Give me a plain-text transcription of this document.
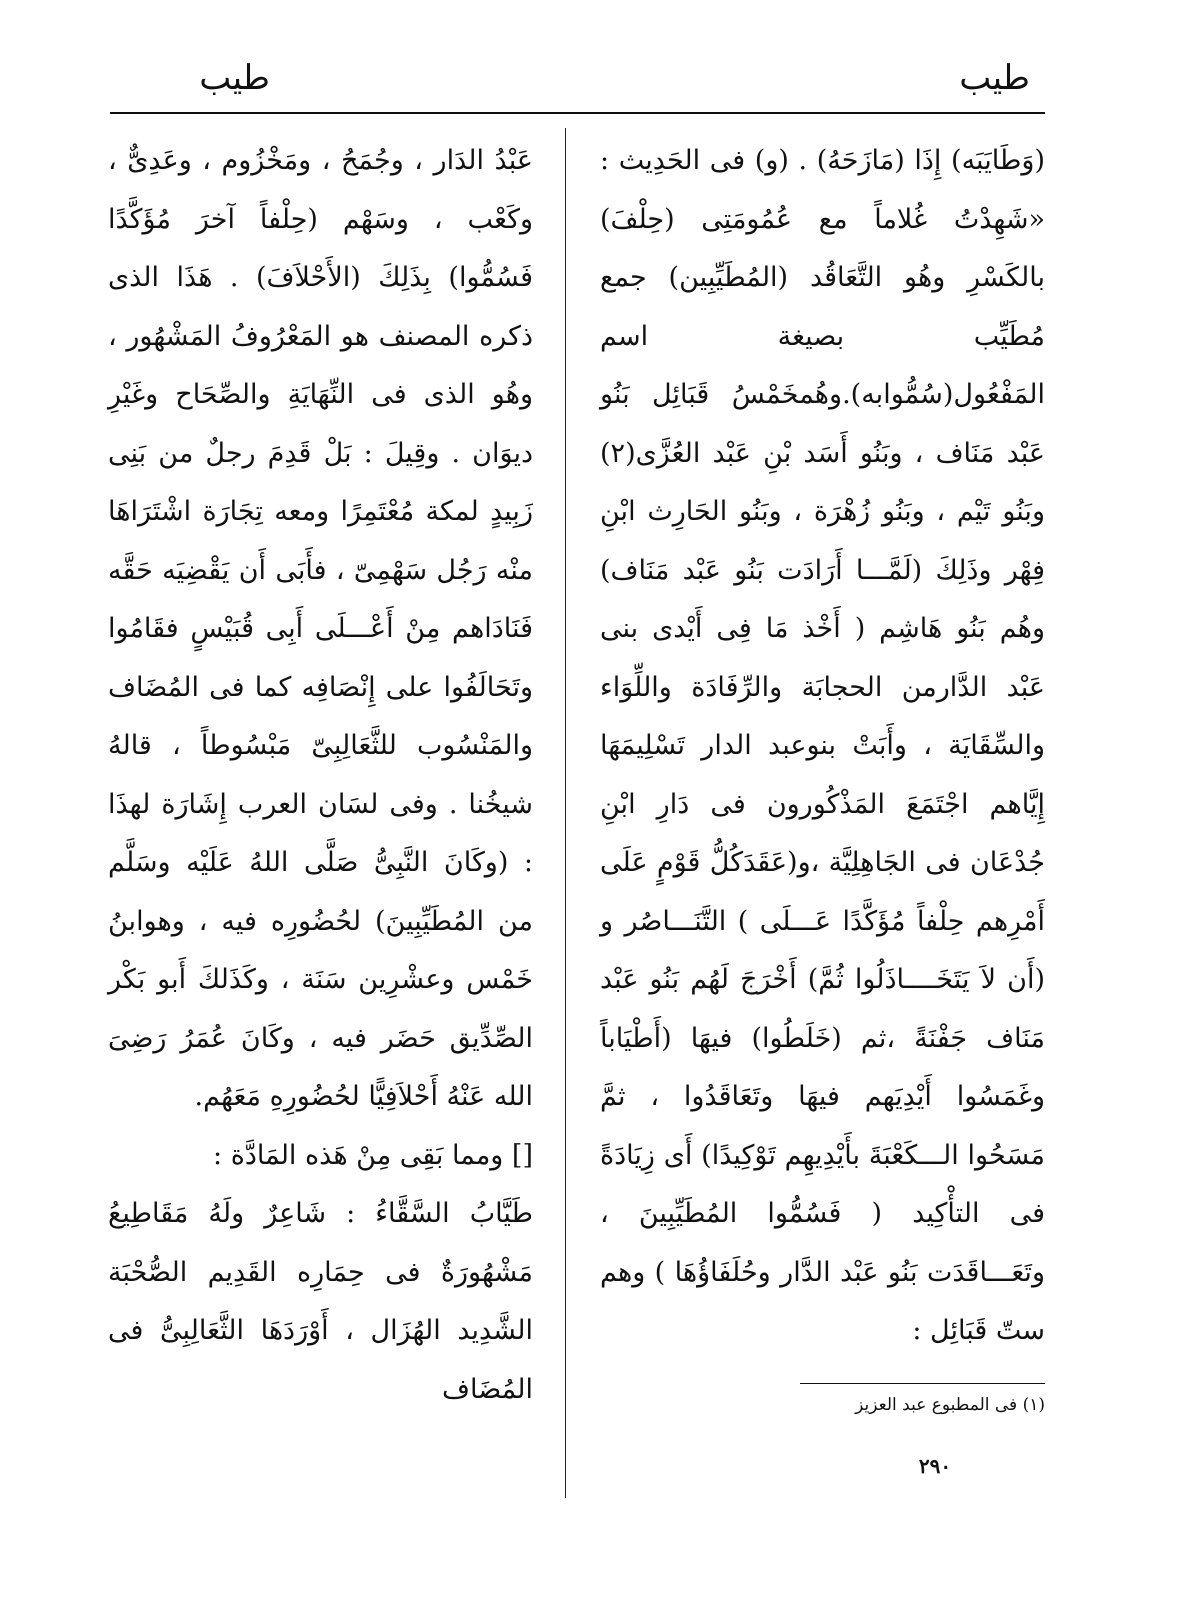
طيب
طيب

(وَطَايَبَه) إِذَا (مَازَحَهُ) . (و) فى الحَدِيث : «شَهِدْتُ غُلاماً مع عُمُومَتِى (حِلْفَ) بالكَسْرِ وهُو التَّعَاقُد (المُطَيِّبِين) جمع مُطَيِّب بصيغة اسم المَفْعُول(سُمُّوابه).وهُمخَمْسُ قَبَائِل بَنُو عَبْد مَنَاف ، وبَنُو أَسَد بْنِ عَبْد العُزَّى(٢) وبَنُو تَيْم ، وبَنُو زُهْرَة ، وبَنُو الحَارِث ابْنِ فِهْر وذَلِكَ (لَمَّـــا أَرَادَت بَنُو عَبْد مَنَاف) وهُم بَنُو هَاشِم ( أَخْذ مَا فِى أَيْدى بنى عَبْد الدَّارمن الحجابَة والرِّفَادَة واللِّوَاء والسِّقَايَة ، وأَبَتْ بنوعبد الدار تَسْلِيمَهَا إِيَّاهم اجْتَمَعَ المَذْكُورون فى دَارِ ابْنِ جُدْعَان فى الجَاهِلِيَّة ،و(عَقَدَكُلُّ قَوْمٍ عَلَى أَمْرِهم حِلْفاً مُؤَكَّدًا عَـــلَى ) التَّنَـــاصُر و (أَن لاَ يَتَخَــــاذَلُوا ثُمَّ) أَخْرَجَ لَهُم بَنُو عَبْد مَنَاف جَفْنَةً ،ثم (خَلَطُوا) فيهَا (أَطْيَاباً وغَمَسُوا أَيْدِيَهم فيهَا وتَعَاقَدُوا ، ثمَّ مَسَحُوا الـــكَعْبَةَ بأَيْدِيهِم تَوْكِيدًا) أَى زِيَادَةً فى التأْكِيد ( فَسُمُّوا المُطَيِّبِينَ ، وتَعَـــاقَدَت بَنُو عَبْد الدَّار وحُلَفَاؤُهَا ) وهم ستّ قَبَائِل :

عَبْدُ الدَار ، وجُمَحُ ، ومَخْزُوم ، وعَدِىٌّ ، وكَعْب ، وسَهْم (حِلْفاً آخرَ مُؤَكَّدًا فَسُمُّوا) بِذَلِكَ (الأَحْلاَفَ) . هَذَا الذى ذكره المصنف هو المَعْرُوفُ المَشْهُور ، وهُو الذى فى النِّهَايَةِ والصِّحَاح وغَيْرِ ديوَان . وقِيلَ : بَلْ قَدِمَ رجلٌ من بَنِى زَبِيدٍ لمكة مُعْتَمِرًا ومعه تِجَارَة اشْتَرَاهَا منْه رَجُل سَهْمِىّ ، فأَبَى أَن يَقْضِيَه حَقَّه فَنَادَاهم مِنْ أَعْـــلَى أَبِى قُبَيْسٍ فقَامُوا وتَحَالَفُوا على إِنْصَافِه كما فى المُضَاف والمَنْسُوب للثَّعَالِبِىّ مَبْسُوطاً ، قالهُ شيخُنا . وفى لسَان العرب إِشَارَة لهذَا : (وكَانَ النَّبِىُّ صَلَّى اللهُ عَلَيْه وسَلَّم من المُطَيِّبِينَ) لحُضُورِه فيه ، وهوابنُ خَمْس وعشْرِين سَنَة ، وكَذَلكَ أَبو بَكْر الصِّدِّيق حَضَر فيه ، وكَانَ عُمَرُ رَضِىَ الله عَنْهُ أَحْلاَفِيًّا لحُضُورِهِ مَعَهُم.

[] ومما بَقِى مِنْ هَذه المَادَّة :

طَيَّابُ السَّقَّاءُ : شَاعِرٌ ولَهُ مَقَاطِيعُ مَشْهُورَةٌ فى حِمَارِه القَدِيم الصُّحْبَة الشَّدِيد الهُزَال ، أَوْرَدَهَا الثَّعَالِبِىُّ فى المُضَاف

(١) فى المطبوع عبد العزيز
٢٩٠
